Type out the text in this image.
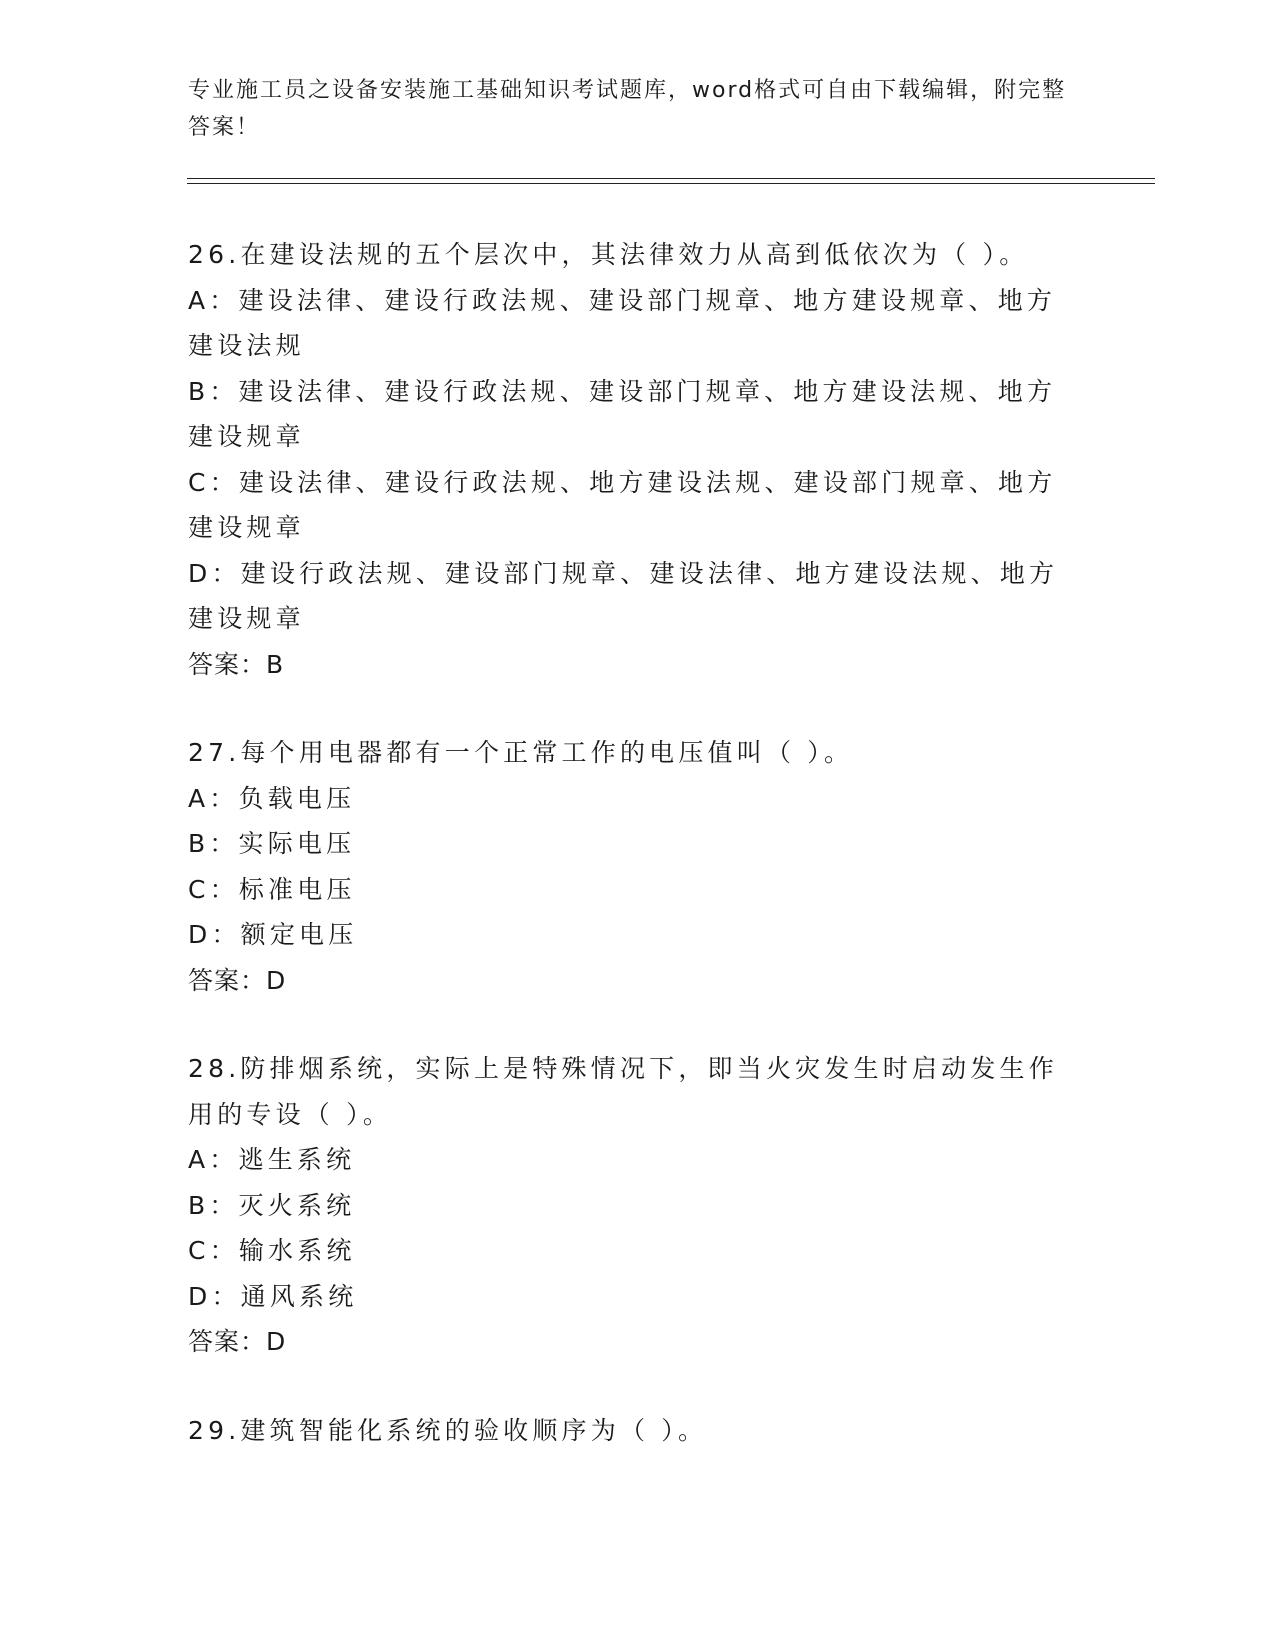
专业施工员之设备安装施工基础知识考试题库，word格式可自由下载编辑，附完整答案！

26.在建设法规的五个层次中，其法律效力从高到低依次为（ ）。

A：建设法律、建设行政法规、建设部门规章、地方建设规章、地方建设法规

B：建设法律、建设行政法规、建设部门规章、地方建设法规、地方建设规章

C：建设法律、建设行政法规、地方建设法规、建设部门规章、地方建设规章

D：建设行政法规、建设部门规章、建设法律、地方建设法规、地方建设规章

答案：B

27.每个用电器都有一个正常工作的电压值叫（ ）。

A：负载电压

B：实际电压

C：标准电压

D：额定电压

答案：D

28.防排烟系统，实际上是特殊情况下，即当火灾发生时启动发生作用的专设（ ）。

A：逃生系统

B：灭火系统

C：输水系统

D：通风系统

答案：D

29.建筑智能化系统的验收顺序为（ ）。
